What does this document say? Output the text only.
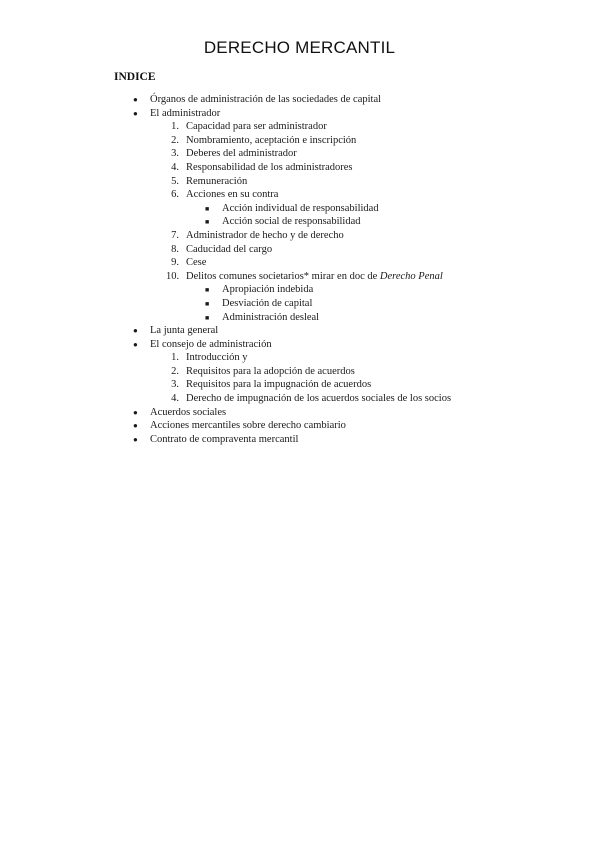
DERECHO MERCANTIL
INDICE
● Órganos de administración de las sociedades de capital
● El administrador
1. Capacidad para ser administrador
2. Nombramiento, aceptación e inscripción
3. Deberes del administrador
4. Responsabilidad de los administradores
5. Remuneración
6. Acciones en su contra
■ Acción individual de responsabilidad
■ Acción social de responsabilidad
7. Administrador de hecho y de derecho
8. Caducidad del cargo
9. Cese
10. Delitos comunes societarios* mirar en doc de Derecho Penal
■ Apropiación indebida
■ Desviación de capital
■ Administración desleal
● La junta general
● El consejo de administración
1. Introducción y
2. Requisitos para la adopción de acuerdos
3. Requisitos para la impugnación de acuerdos
4. Derecho de impugnación de los acuerdos sociales de los socios
● Acuerdos sociales
● Acciones mercantiles sobre derecho cambiario
● Contrato de compraventa mercantil
